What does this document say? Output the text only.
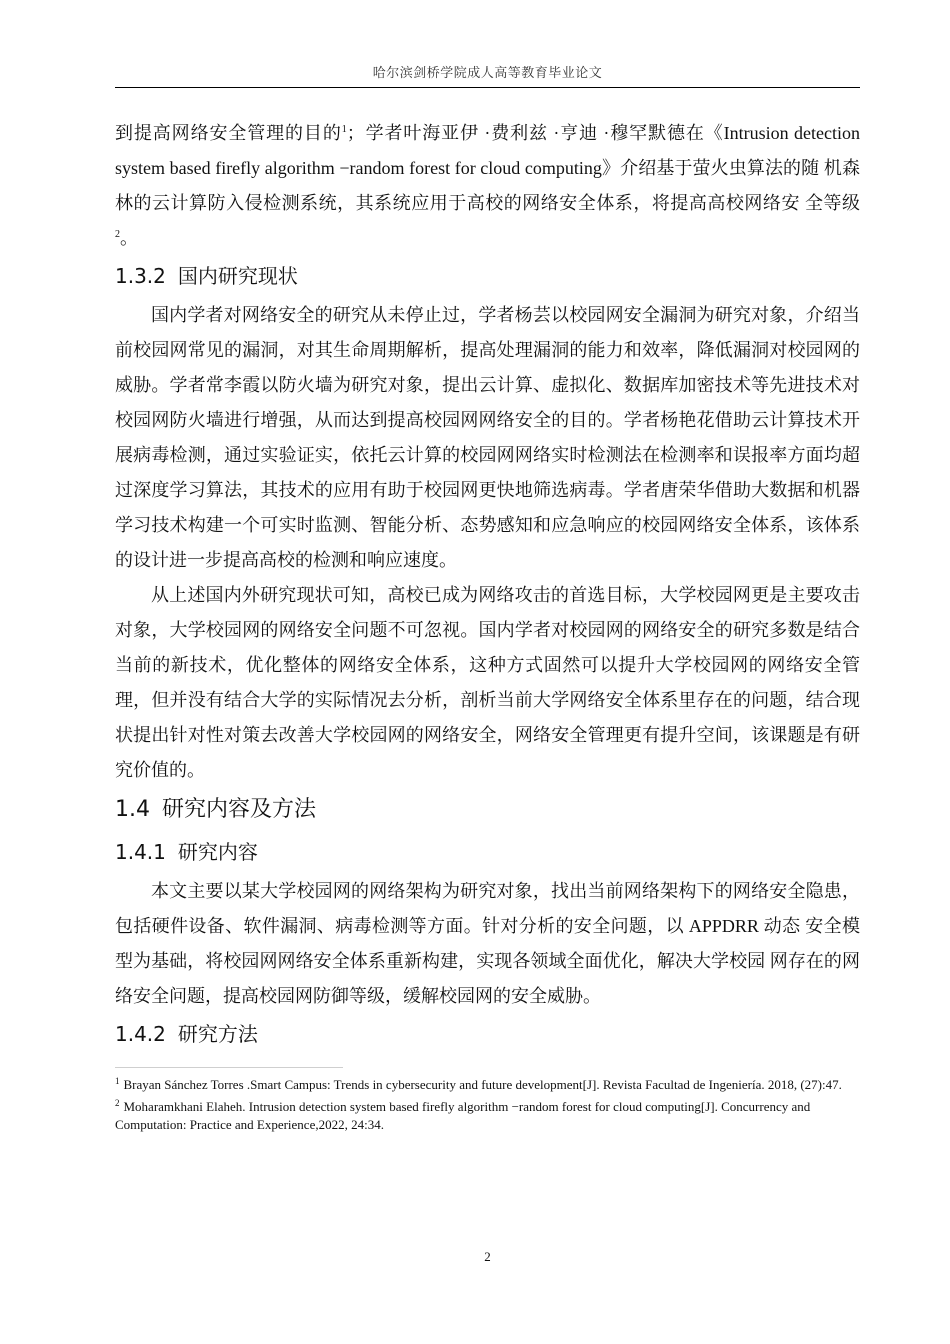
哈尔滨剑桥学院成人高等教育毕业论文

到提高网络安全管理的目的$^1$；学者叶海亚伊 ·费利兹 ·亨迪 ·穆罕默德在《Intrusion detection system based firefly algorithm −random forest for cloud computing》介绍基于萤火虫算法的随 机森林的云计算防入侵检测系统，其系统应用于高校的网络安全体系，将提高高校网络安 全等级$^2$。

1.3.2 国内研究现状

国内学者对网络安全的研究从未停止过，学者杨芸以校园网安全漏洞为研究对象，介绍当前校园网常见的漏洞，对其生命周期解析，提高处理漏洞的能力和效率，降低漏洞对校园网的威胁。学者常李霞以防火墙为研究对象，提出云计算、虚拟化、数据库加密技术等先进技术对校园网防火墙进行增强，从而达到提高校园网网络安全的目的。学者杨艳花借助云计算技术开展病毒检测，通过实验证实，依托云计算的校园网网络实时检测法在检测率和误报率方面均超过深度学习算法，其技术的应用有助于校园网更快地筛选病毒。学者唐荣华借助大数据和机器学习技术构建一个可实时监测、智能分析、态势感知和应急响应的校园网络安全体系，该体系的设计进一步提高高校的检测和响应速度。

从上述国内外研究现状可知，高校已成为网络攻击的首选目标，大学校园网更是主要攻击对象，大学校园网的网络安全问题不可忽视。国内学者对校园网的网络安全的研究多数是结合当前的新技术，优化整体的网络安全体系，这种方式固然可以提升大学校园网的网络安全管理，但并没有结合大学的实际情况去分析，剖析当前大学网络安全体系里存在的问题，结合现状提出针对性对策去改善大学校园网的网络安全，网络安全管理更有提升空间，该课题是有研究价值的。

1.4 研究内容及方法
1.4.1 研究内容

本文主要以某大学校园网的网络架构为研究对象，找出当前网络架构下的网络安全隐患，包括硬件设备、软件漏洞、病毒检测等方面。针对分析的安全问题，以 APPDRR 动态 安全模型为基础，将校园网网络安全体系重新构建，实现各领域全面优化，解决大学校园 网存在的网络安全问题，提高校园网防御等级，缓解校园网的安全威胁。

1.4.2 研究方法

$^1$ Brayan Sánchez Torres .Smart Campus: Trends in cybersecurity and future development[J]. Revista Facultad de Ingeniería. 2018, (27):47.

$^2$ Moharamkhani Elaheh. Intrusion detection system based firefly algorithm −random forest for cloud computing[J]. Concurrency and Computation: Practice and Experience,2022, 24:34.

2
